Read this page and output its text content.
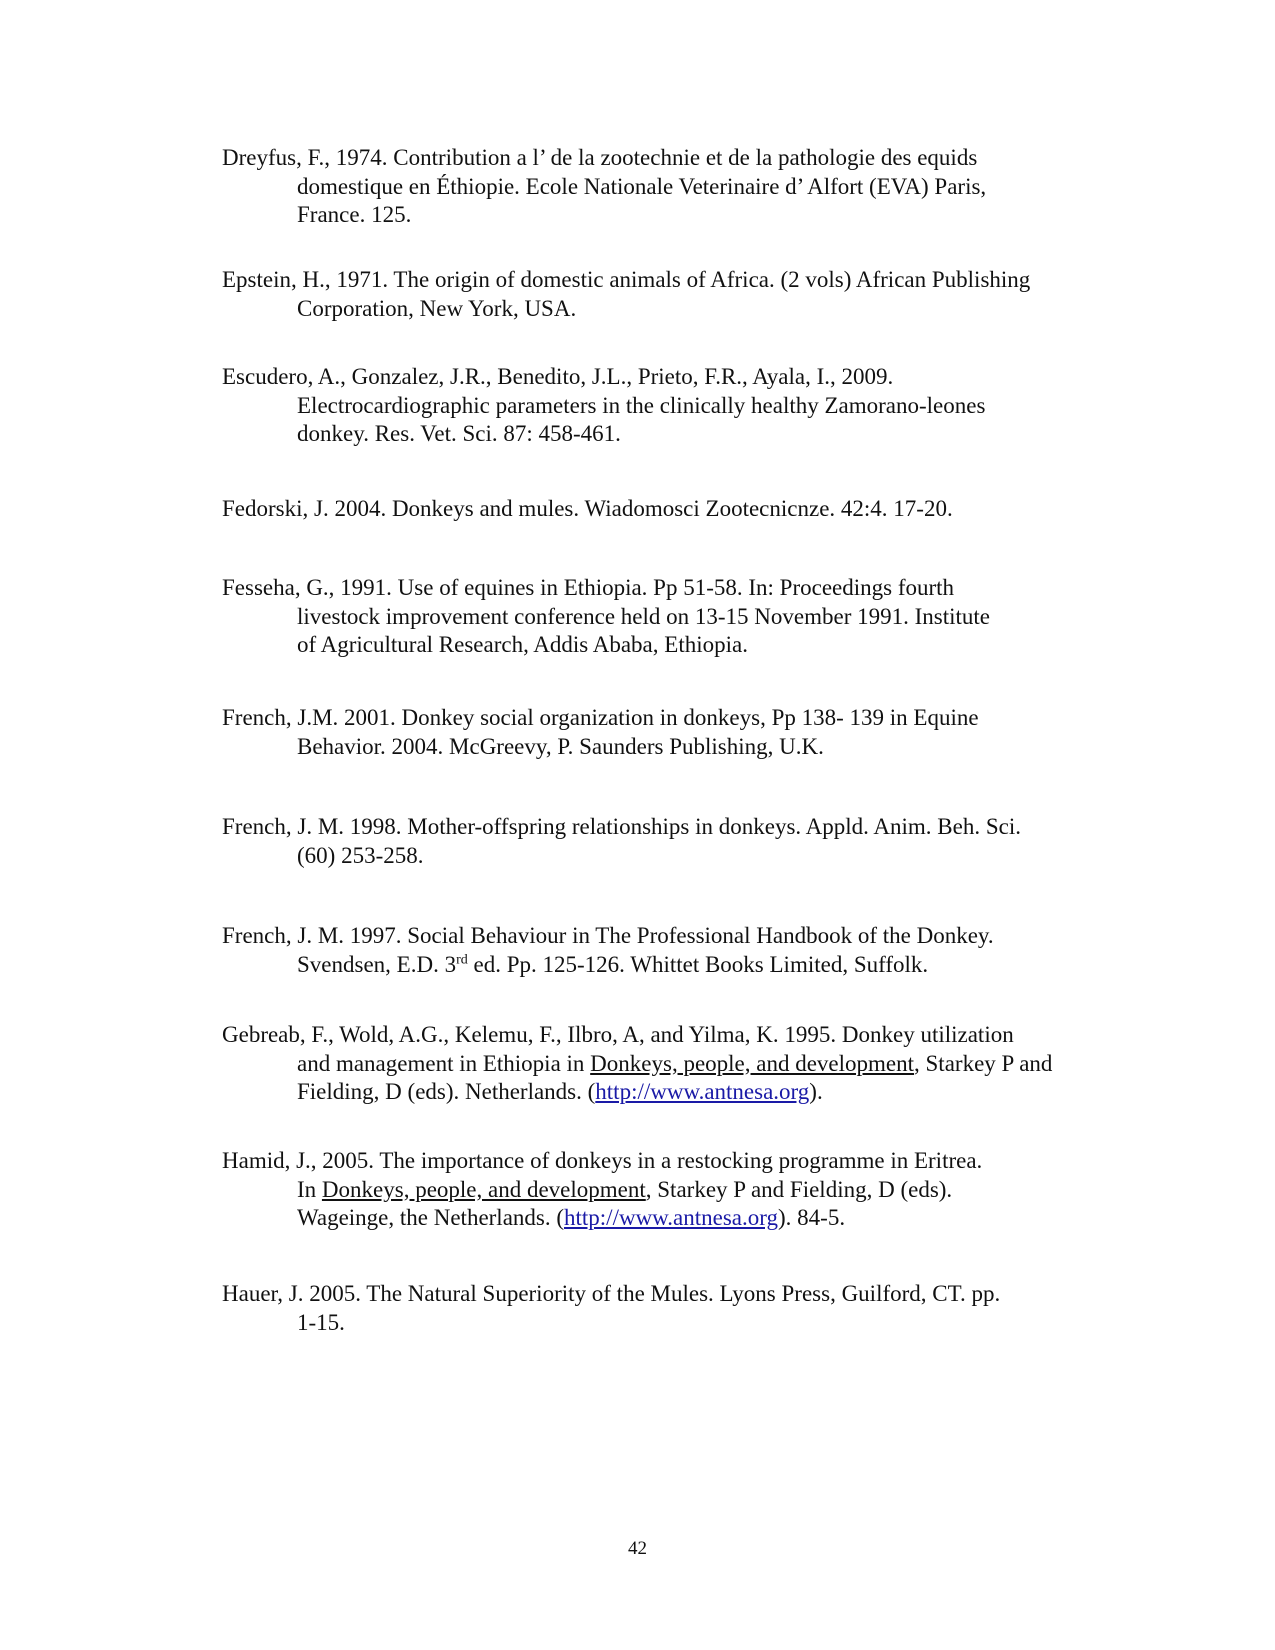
Dreyfus, F., 1974. Contribution a l’ de la zootechnie et de la pathologie des equids
domestique en Éthiopie. Ecole Nationale Veterinaire d’ Alfort (EVA) Paris,
France. 125.

Epstein, H., 1971. The origin of domestic animals of Africa. (2 vols) African Publishing
Corporation, New York, USA.

Escudero, A., Gonzalez, J.R., Benedito, J.L., Prieto, F.R., Ayala, I., 2009.
Electrocardiographic parameters in the clinically healthy Zamorano-leones
donkey. Res. Vet. Sci. 87: 458-461.

Fedorski, J. 2004. Donkeys and mules. Wiadomosci Zootecnicnze. 42:4. 17-20.

Fesseha, G., 1991. Use of equines in Ethiopia. Pp 51-58. In: Proceedings fourth
livestock improvement conference held on 13-15 November 1991. Institute
of Agricultural Research, Addis Ababa, Ethiopia.

French, J.M. 2001. Donkey social organization in donkeys, Pp 138- 139 in Equine
Behavior. 2004. McGreevy, P. Saunders Publishing, U.K.

French, J. M. 1998. Mother-offspring relationships in donkeys. Appld. Anim. Beh. Sci.
(60) 253-258.

French, J. M. 1997. Social Behaviour in The Professional Handbook of the Donkey.
Svendsen, E.D. 3rd ed. Pp. 125-126. Whittet Books Limited, Suffolk.

Gebreab, F., Wold, A.G., Kelemu, F., Ilbro, A, and Yilma, K. 1995. Donkey utilization
and management in Ethiopia in Donkeys, people, and development, Starkey P and
Fielding, D (eds). Netherlands. (http://www.antnesa.org).

Hamid, J., 2005. The importance of donkeys in a restocking programme in Eritrea.
In Donkeys, people, and development, Starkey P and Fielding, D (eds).
Wageinge, the Netherlands. (http://www.antnesa.org). 84-5.

Hauer, J. 2005. The Natural Superiority of the Mules. Lyons Press, Guilford, CT. pp.
1-15.

42
